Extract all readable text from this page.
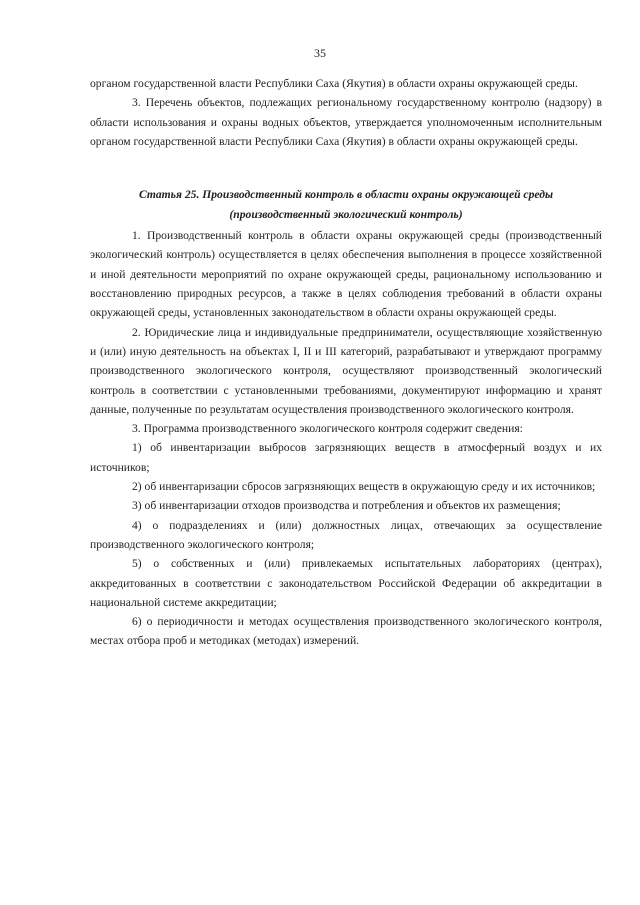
35

органом государственной власти Республики Саха (Якутия) в области охраны окружающей среды.

3. Перечень объектов, подлежащих региональному государственному контролю (надзору) в области использования и охраны водных объектов, утверждается уполномоченным исполнительным органом государственной власти Республики Саха (Якутия) в области охраны окружающей среды.

Статья 25. Производственный контроль в области охраны окружающей среды
(производственный экологический контроль)

1. Производственный контроль в области охраны окружающей среды (производственный экологический контроль) осуществляется в целях обеспечения выполнения в процессе хозяйственной и иной деятельности мероприятий по охране окружающей среды, рациональному использованию и восстановлению природных ресурсов, а также в целях соблюдения требований в области охраны окружающей среды, установленных законодательством в области охраны окружающей среды.

2. Юридические лица и индивидуальные предприниматели, осуществляющие хозяйственную и (или) иную деятельность на объектах I, II и III категорий, разрабатывают и утверждают программу производственного экологического контроля, осуществляют производственный экологический контроль в соответствии с установленными требованиями, документируют информацию и хранят данные, полученные по результатам осуществления производственного экологического контроля.

3. Программа производственного экологического контроля содержит сведения:

1) об инвентаризации выбросов загрязняющих веществ в атмосферный воздух и их источников;

2) об инвентаризации сбросов загрязняющих веществ в окружающую среду и их источников;

3) об инвентаризации отходов производства и потребления и объектов их размещения;

4) о подразделениях и (или) должностных лицах, отвечающих за осуществление производственного экологического контроля;

5) о собственных и (или) привлекаемых испытательных лабораториях (центрах), аккредитованных в соответствии с законодательством Российской Федерации об аккредитации в национальной системе аккредитации;

6) о периодичности и методах осуществления производственного экологического контроля, местах отбора проб и методиках (методах) измерений.
